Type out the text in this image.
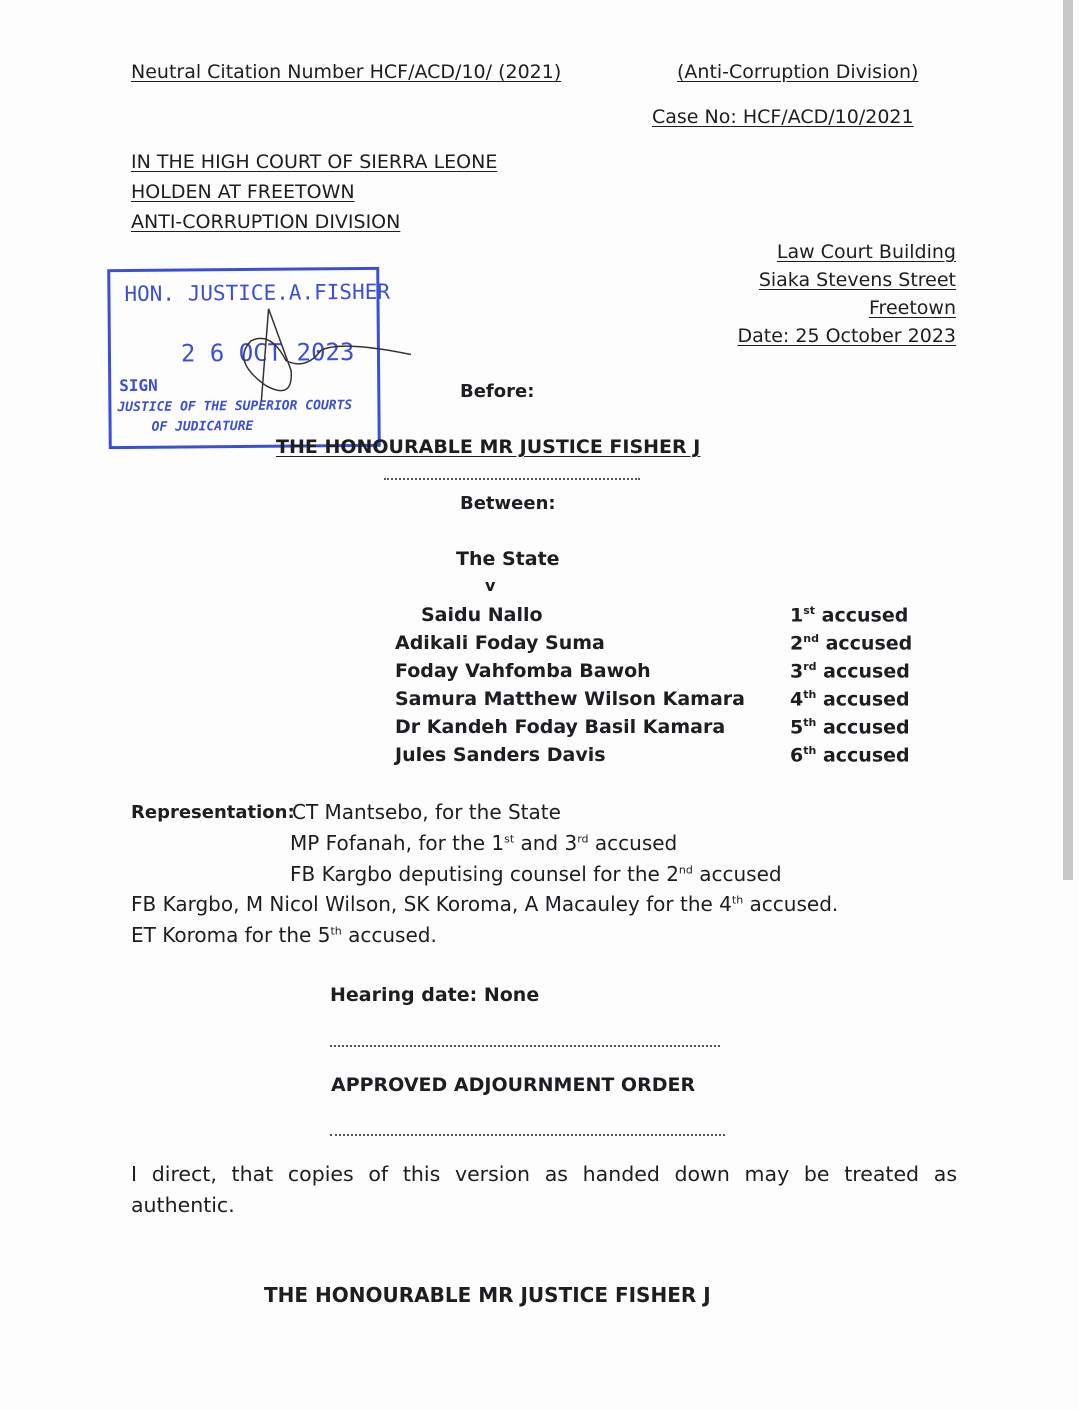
Neutral Citation Number HCF/ACD/10/ (2021)	(Anti-Corruption Division)
Case No: HCF/ACD/10/2021
IN THE HIGH COURT OF SIERRA LEONE
HOLDEN AT FREETOWN
ANTI-CORRUPTION DIVISION
Law Court Building
Siaka Stevens Street
Freetown
Date: 25 October 2023
HON. JUSTICE.A.FISHER
2 6 OCT 2023
SIGN
JUSTICE OF THE SUPERIOR COURTS
OF JUDICATURE
Before:
THE HONOURABLE MR JUSTICE FISHER J
Between:
The State
v
Saidu Nallo	1st accused
Adikali Foday Suma	2nd accused
Foday Vahfomba Bawoh	3rd accused
Samura Matthew Wilson Kamara 4th accused
Dr Kandeh Foday Basil Kamara	5th accused
Jules Sanders Davis	6th accused
Representation:
CT Mantsebo, for the State
MP Fofanah, for the 1st and 3rd accused
FB Kargbo deputising counsel for the 2nd accused
FB Kargbo, M Nicol Wilson, SK Koroma, A Macauley for the 4th accused.
ET Koroma for the 5th accused.
Hearing date: None
APPROVED ADJOURNMENT ORDER
I direct, that copies of this version as handed down may be treated as
authentic.
THE HONOURABLE MR JUSTICE FISHER J
